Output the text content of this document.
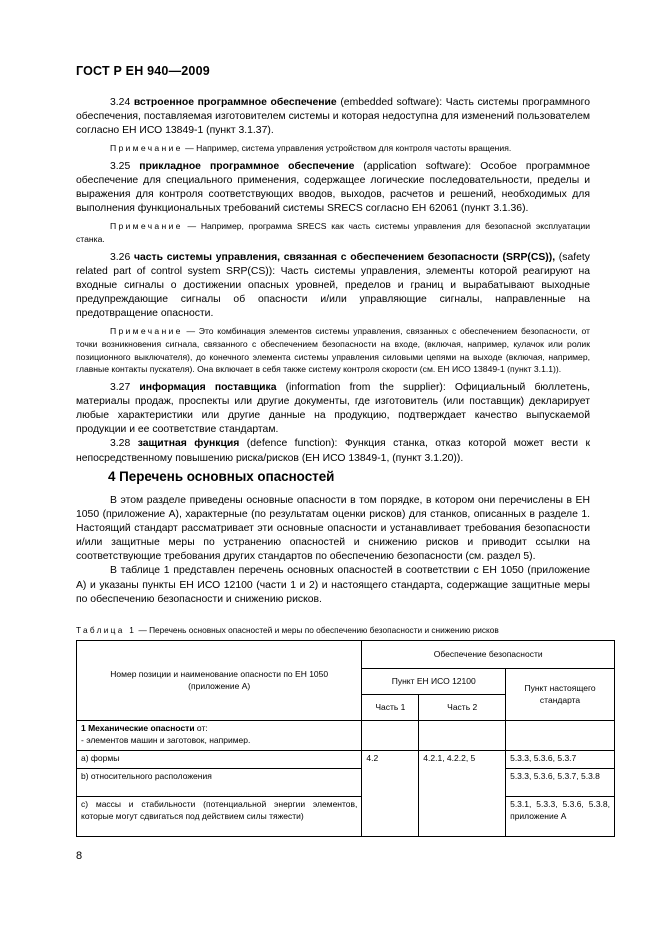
ГОСТ Р ЕН 940—2009

3.24 встроенное программное обеспечение (embedded software): Часть системы программного обеспечения, поставляемая изготовителем системы и которая недоступна для изменений пользователем согласно ЕН ИСО 13849-1 (пункт 3.1.37).

Примечание — Например, система управления устройством для контроля частоты вращения.

3.25 прикладное программное обеспечение (application software): Особое программное обеспечение для специального применения, содержащее логические последовательности, пределы и выражения для контроля соответствующих вводов, выходов, расчетов и решений, необходимых для выполнения функциональных требований системы SRECS согласно ЕН 62061 (пункт 3.1.36).

Примечание — Например, программа SRECS как часть системы управления для безопасной эксплуатации станка.

3.26 часть системы управления, связанная с обеспечением безопасности (SRP(CS)), (safety related part of control system SRP(CS)): Часть системы управления, элементы которой реагируют на входные сигналы о достижении опасных уровней, пределов и границ и вырабатывают выходные предупреждающие сигналы об опасности и/или управляющие сигналы, направленные на предотвращение опасности.

Примечание — Это комбинация элементов системы управления, связанных с обеспечением безопасности, от точки возникновения сигнала, связанного с обеспечением безопасности на входе, (включая, например, кулачок или ролик позиционного выключателя), до конечного элемента системы управления силовыми цепями на выходе (включая, например, главные контакты пускателя). Она включает в себя также систему контроля скорости (см. ЕН ИСО 13849-1 (пункт 3.1.1)).

3.27 информация поставщика (information from the supplier): Официальный бюллетень, материалы продаж, проспекты или другие документы, где изготовитель (или поставщик) декларирует любые характеристики или другие данные на продукцию, подтверждает качество выпускаемой продукции и ее соответствие стандартам.

3.28 защитная функция (defence function): Функция станка, отказ которой может вести к непосредственному повышению риска/рисков (ЕН ИСО 13849-1, (пункт 3.1.20)).

4 Перечень основных опасностей

В этом разделе приведены основные опасности в том порядке, в котором они перечислены в ЕН 1050 (приложение А), характерные (по результатам оценки рисков) для станков, описанных в разделе 1. Настоящий стандарт рассматривает эти основные опасности и устанавливает требования безопасности и/или защитные меры по устранению опасностей и снижению рисков и приводит ссылки на соответствующие требования других стандартов по обеспечению безопасности (см. раздел 5).

В таблице 1 представлен перечень основных опасностей в соответствии с ЕН 1050 (приложение А) и указаны пункты ЕН ИСО 12100 (части 1 и 2) и настоящего стандарта, содержащие защитные меры по обеспечению безопасности и снижению рисков.

Таблица 1 — Перечень основных опасностей и меры по обеспечению безопасности и снижению рисков
Номер позиции и наименование опасности по ЕН 1050 (приложение А)	Обеспечение безопасности		
	Пункт ЕН ИСО 12100		Пункт настоящего стандарта
	Часть 1	Часть 2	
1 Механические опасности от:
- элементов машин и заготовок, например.			
a) формы	4.2	4.2.1, 4.2.2, 5	5.3.3, 5.3.6, 5.3.7
b) относительного расположения			5.3.3, 5.3.6, 5.3.7, 5.3.8
c) массы и стабильности (потенциальной энергии элементов, которые могут сдвигаться под действием силы тяжести)			5.3.1, 5.3.3, 5.3.6, 5.3.8, приложение А
8
